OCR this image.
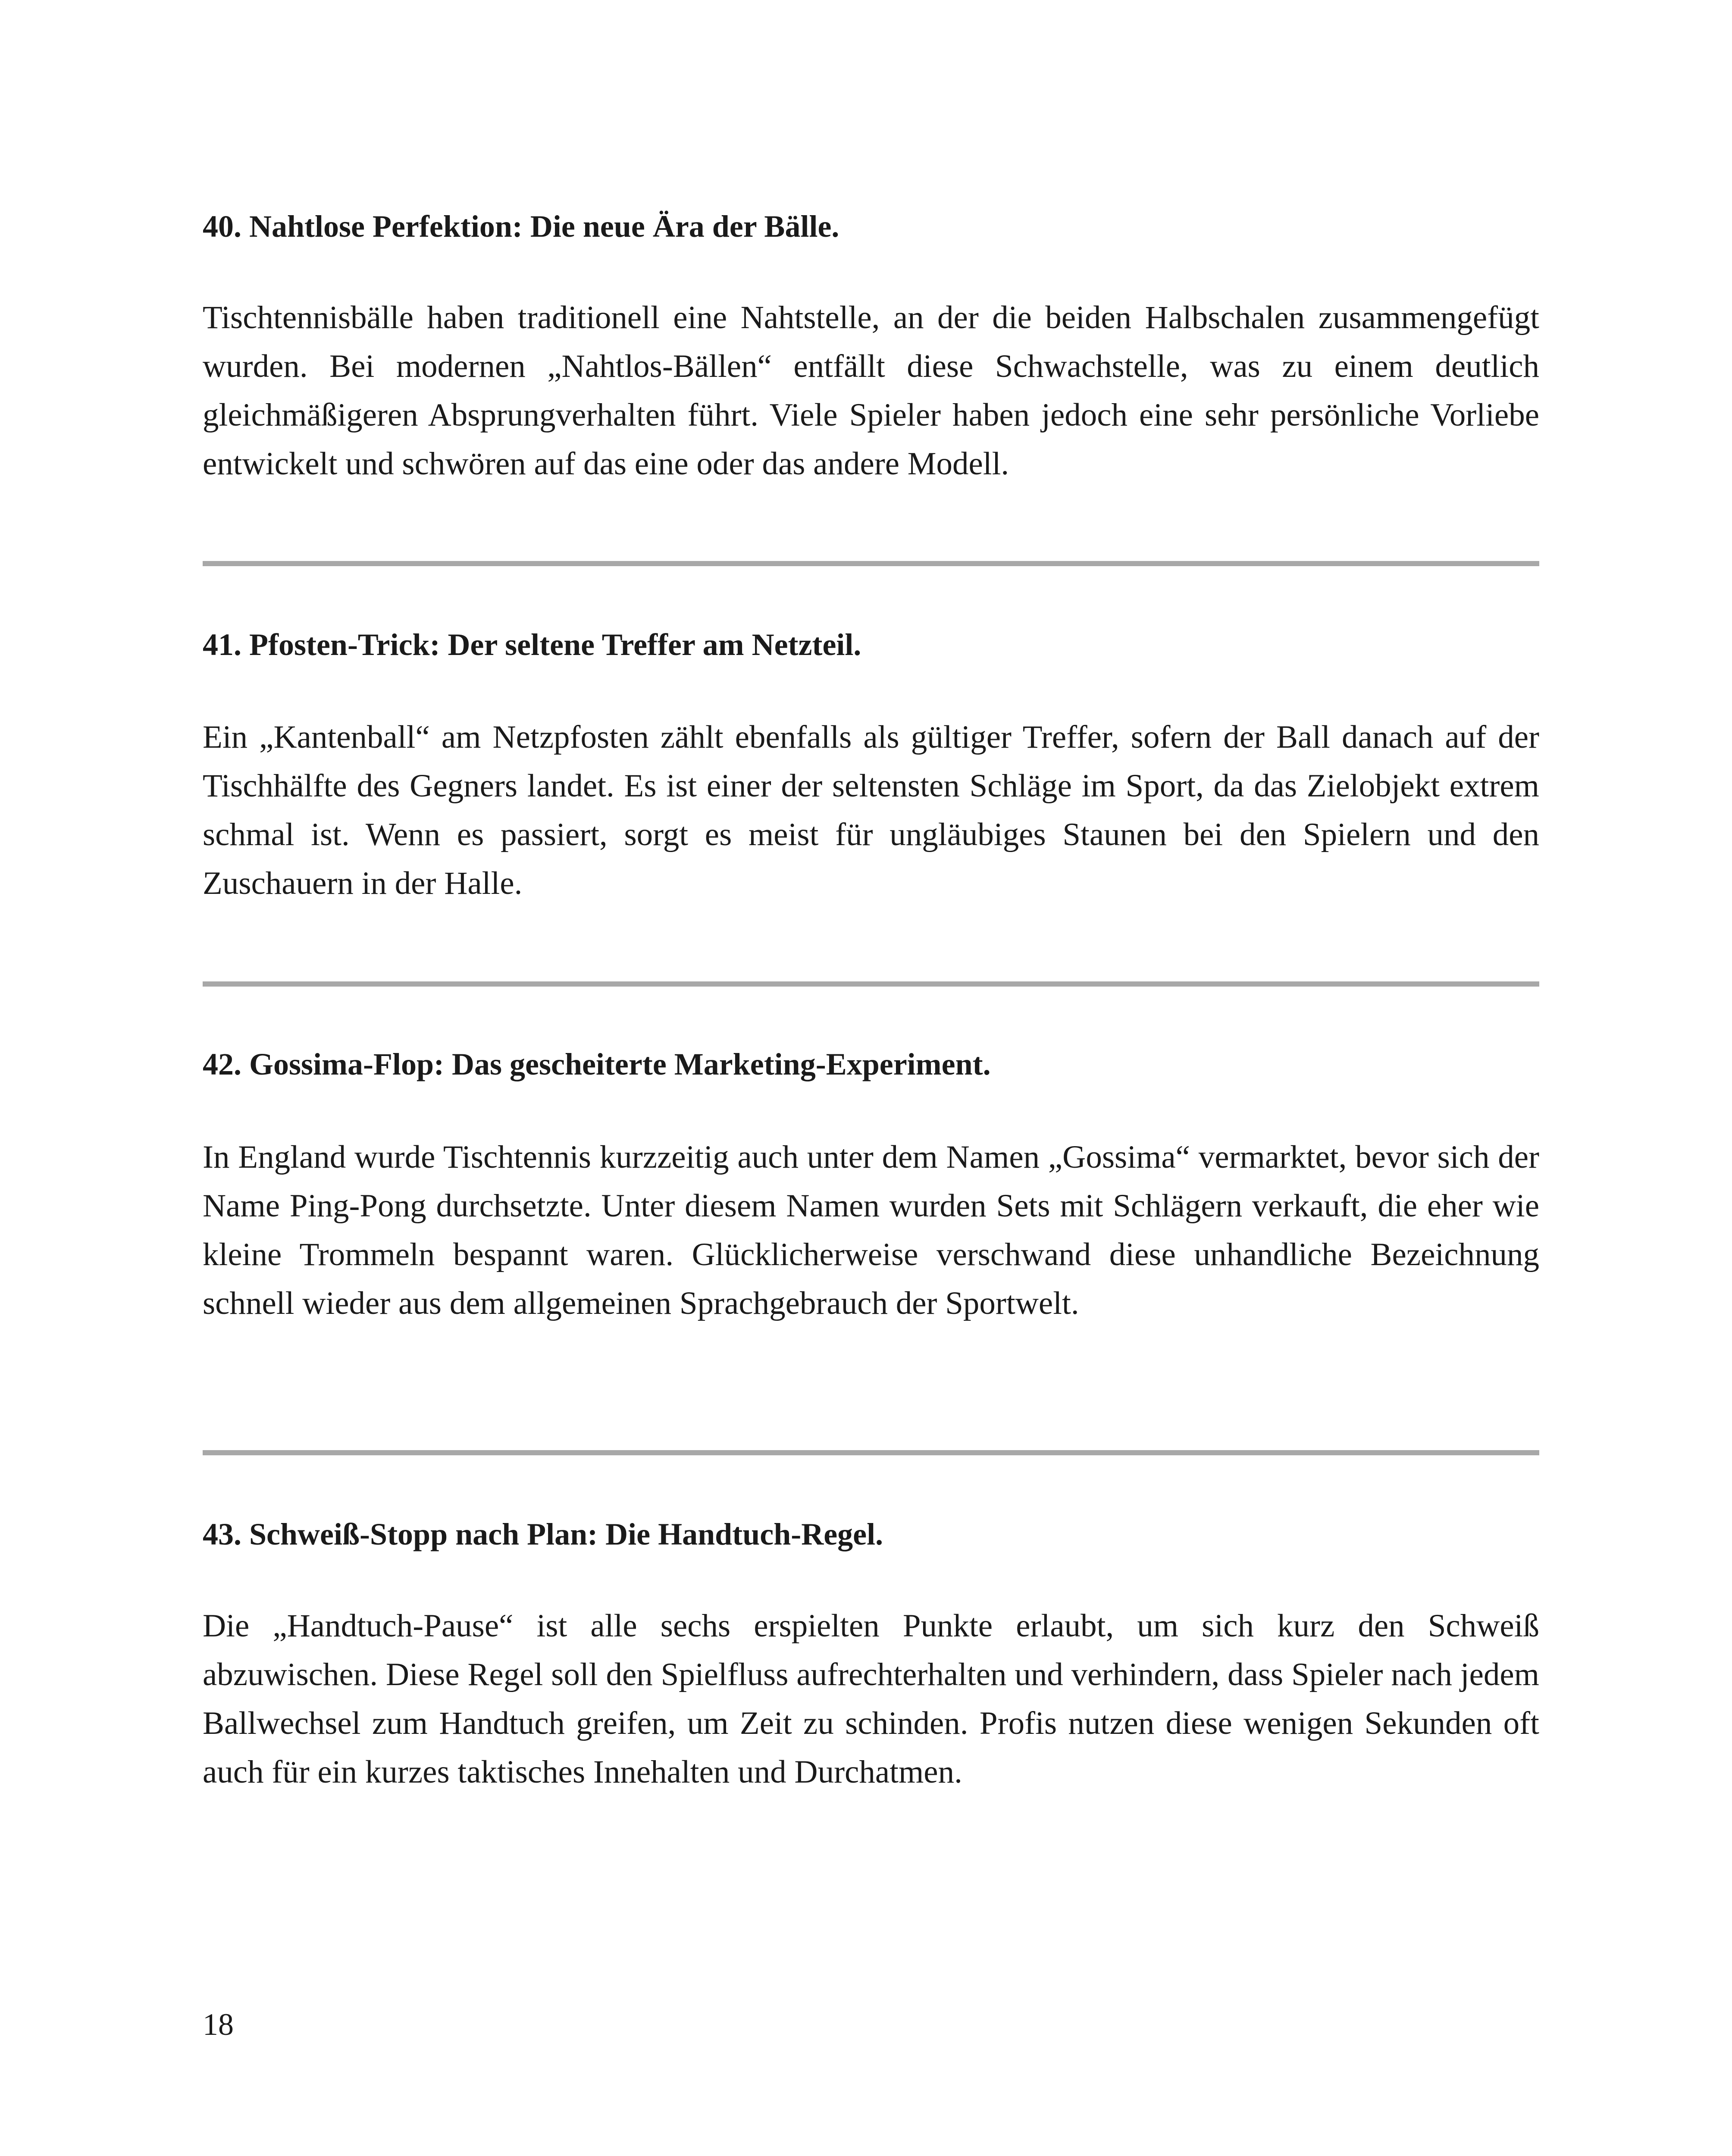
40. Nahtlose Perfektion: Die neue Ära der Bälle.

Tischtennisbälle haben traditionell eine Nahtstelle, an der die beiden Halbschalen zusammengefügt wurden. Bei modernen „Nahtlos-Bällen“ entfällt diese Schwachstelle, was zu einem deutlich gleichmäßigeren Absprungverhalten führt. Viele Spieler haben jedoch eine sehr persönliche Vorliebe entwickelt und schwören auf das eine oder das andere Modell.

41. Pfosten-Trick: Der seltene Treffer am Netzteil.

Ein „Kantenball“ am Netzpfosten zählt ebenfalls als gültiger Treffer, sofern der Ball danach auf der Tischhälfte des Gegners landet. Es ist einer der seltensten Schläge im Sport, da das Zielobjekt extrem schmal ist. Wenn es passiert, sorgt es meist für ungläubiges Staunen bei den Spielern und den Zuschauern in der Halle.

42. Gossima-Flop: Das gescheiterte Marketing-Experiment.

In England wurde Tischtennis kurzzeitig auch unter dem Namen „Gossima“ vermarktet, bevor sich der Name Ping-Pong durchsetzte. Unter diesem Namen wurden Sets mit Schlägern verkauft, die eher wie kleine Trommeln bespannt waren. Glücklicherweise verschwand diese unhandliche Bezeichnung schnell wieder aus dem allgemeinen Sprachgebrauch der Sportwelt.

43. Schweiß-Stopp nach Plan: Die Handtuch-Regel.

Die „Handtuch-Pause“ ist alle sechs erspielten Punkte erlaubt, um sich kurz den Schweiß abzuwischen. Diese Regel soll den Spielfluss aufrechterhalten und verhindern, dass Spieler nach jedem Ballwechsel zum Handtuch greifen, um Zeit zu schinden. Profis nutzen diese wenigen Sekunden oft auch für ein kurzes taktisches Innehalten und Durchatmen.

18
